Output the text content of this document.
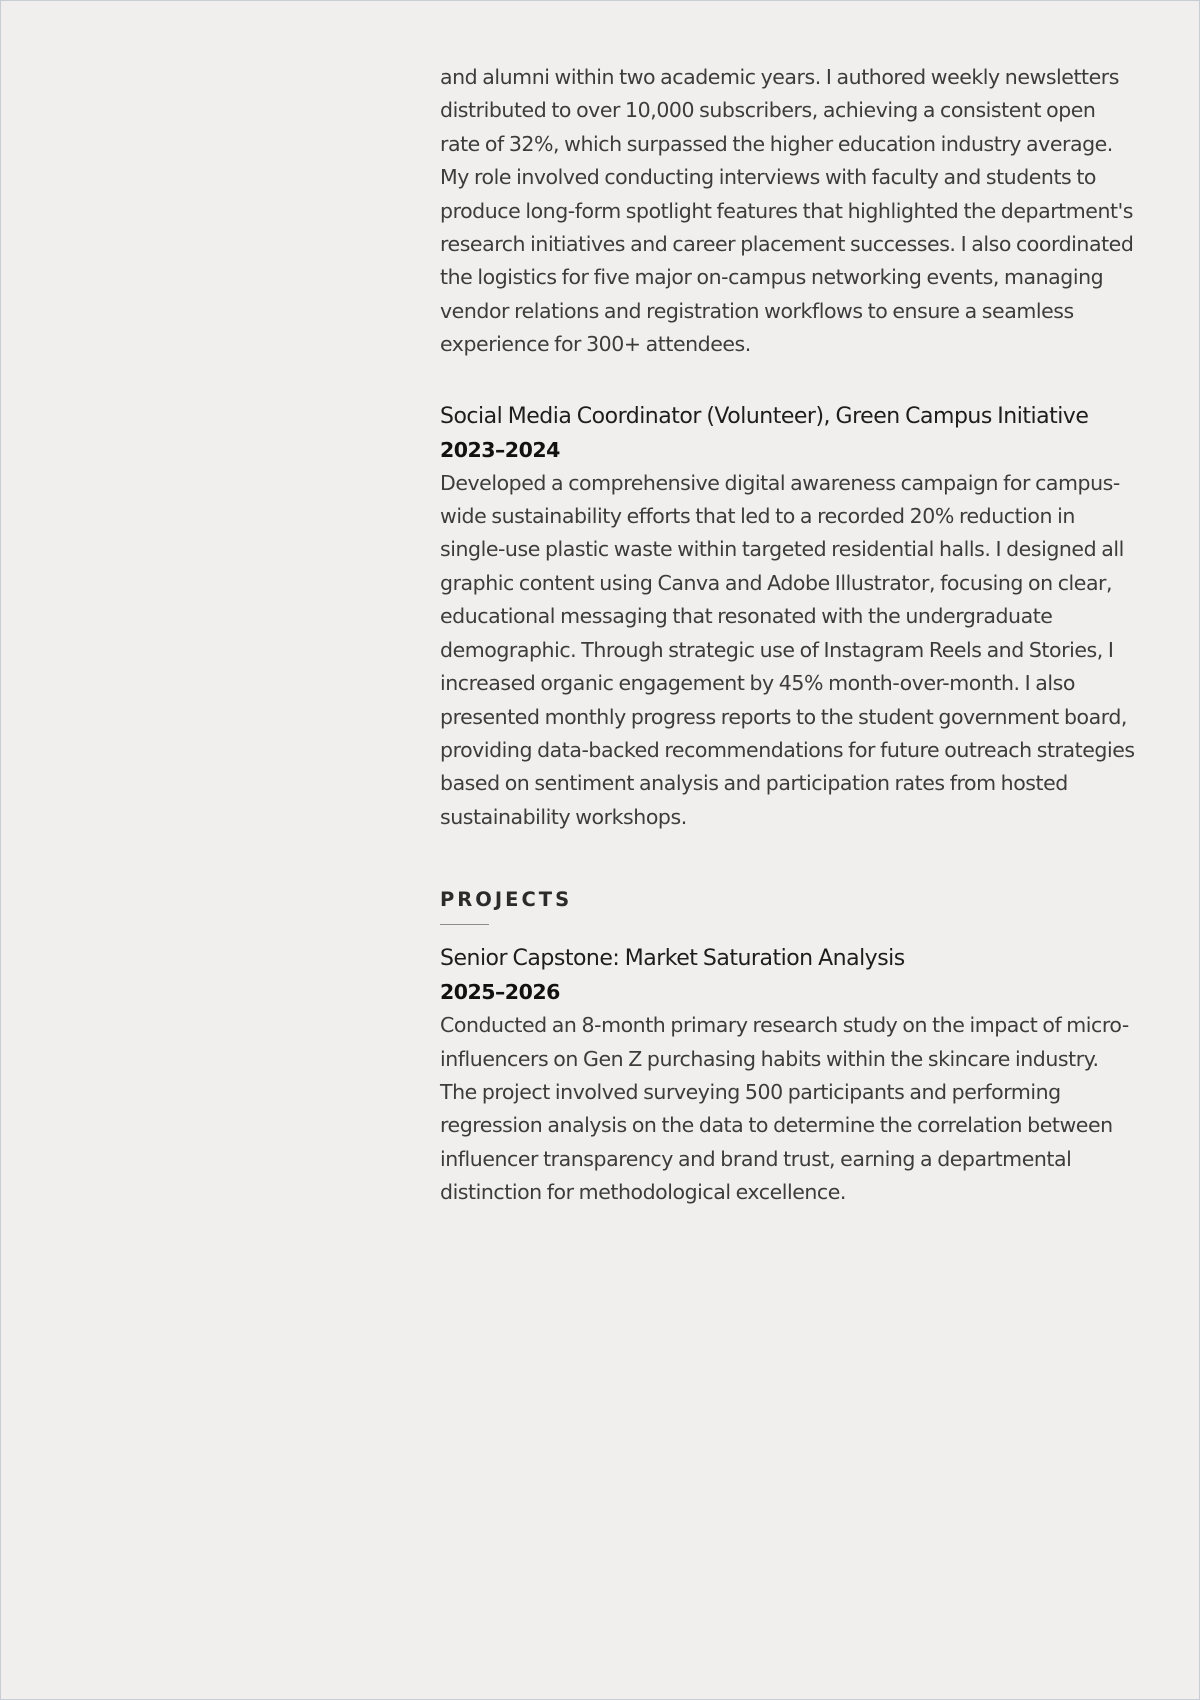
and alumni within two academic years. I authored weekly newsletters distributed to over 10,000 subscribers, achieving a consistent open rate of 32%, which surpassed the higher education industry average. My role involved conducting interviews with faculty and students to produce long-form spotlight features that highlighted the department's research initiatives and career placement successes. I also coordinated the logistics for five major on-campus networking events, managing vendor relations and registration workflows to ensure a seamless experience for 300+ attendees.

Social Media Coordinator (Volunteer), Green Campus Initiative

2023–2024

Developed a comprehensive digital awareness campaign for campus-wide sustainability efforts that led to a recorded 20% reduction in single-use plastic waste within targeted residential halls. I designed all graphic content using Canva and Adobe Illustrator, focusing on clear, educational messaging that resonated with the undergraduate demographic. Through strategic use of Instagram Reels and Stories, I increased organic engagement by 45% month-over-month. I also presented monthly progress reports to the student government board, providing data-backed recommendations for future outreach strategies based on sentiment analysis and participation rates from hosted sustainability workshops.

PROJECTS

Senior Capstone: Market Saturation Analysis

2025–2026

Conducted an 8-month primary research study on the impact of micro-influencers on Gen Z purchasing habits within the skincare industry. The project involved surveying 500 participants and performing regression analysis on the data to determine the correlation between influencer transparency and brand trust, earning a departmental distinction for methodological excellence.
